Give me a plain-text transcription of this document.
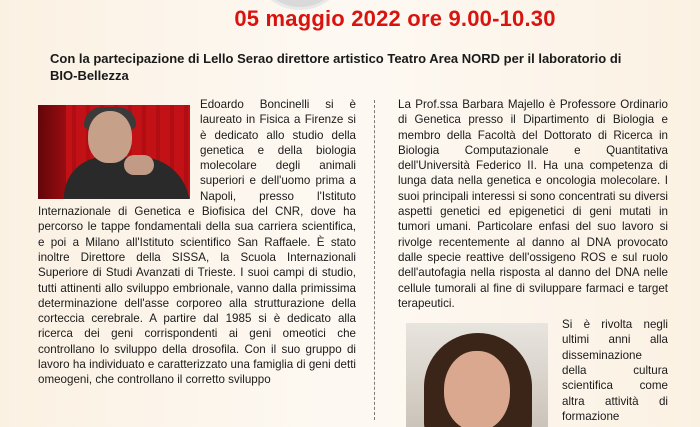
05 maggio 2022 ore 9.00-10.30
Con la partecipazione di Lello Serao direttore artistico Teatro Area NORD per il laboratorio di BIO-Bellezza

Edoardo Boncinelli si è laureato in Fisica a Firenze si è dedicato allo studio della genetica e della biologia molecolare degli animali superiori e dell'uomo prima a Napoli, presso l'Istituto Internazionale di Genetica e Biofisica del CNR, dove ha percorso le tappe fondamentali della sua carriera scientifica, e poi a Milano all'Istituto scientifico San Raffaele. È stato inoltre Direttore della SISSA, la Scuola Internazionali Superiore di Studi Avanzati di Trieste. I suoi campi di studio, tutti attinenti allo sviluppo embrionale, vanno dalla primissima determinazione dell'asse corporeo alla strutturazione della corteccia cerebrale. A partire dal 1985 si è dedicato alla ricerca dei geni corrispondenti ai geni omeotici che controllano lo sviluppo della drosofila. Con il suo gruppo di lavoro ha individuato e caratterizzato una famiglia di geni detti omeogeni, che controllano il corretto sviluppo

La Prof.ssa Barbara Majello è Professore Ordinario di Genetica presso il Dipartimento di Biologia e membro della Facoltà del Dottorato di Ricerca in Biologia Computazionale e Quantitativa dell'Università Federico II. Ha una competenza di lunga data nella genetica e oncologia molecolare. I suoi principali interessi si sono concentrati su diversi aspetti genetici ed epigenetici di geni mutati in tumori umani. Particolare enfasi del suo lavoro si rivolge recentemente al danno al DNA provocato dalle specie reattive dell'ossigeno ROS e sul ruolo dell'autofagia nella risposta al danno del DNA nelle cellule tumorali al fine di sviluppare farmaci e target terapeutici.

Si è rivolta negli ultimi anni alla disseminazione della cultura scientifica come altra attività di formazione
